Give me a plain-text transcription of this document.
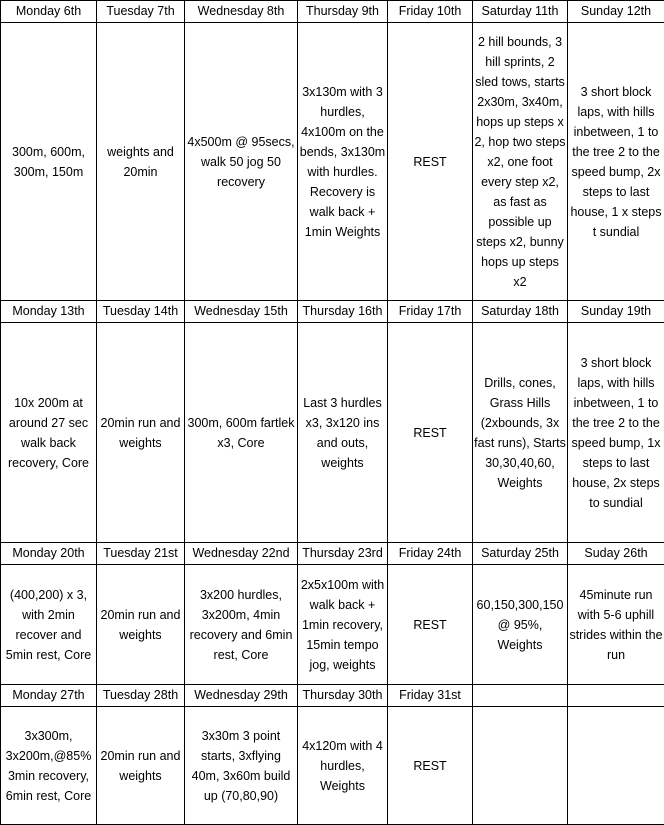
Monday 6th	Tuesday 7th	Wednesday 8th	Thursday 9th	Friday 10th	Saturday 11th	Sunday 12th
300m, 600m, 300m, 150m	weights and 20min	4x500m @ 95secs, walk 50 jog 50 recovery	3x130m with 3 hurdles, 4x100m on the bends, 3x130m with hurdles. Recovery is walk back + 1min Weights	REST	2 hill bounds, 3 hill sprints, 2 sled tows, starts 2x30m, 3x40m, hops up steps x 2, hop two steps x2, one foot every step x2, as fast as possible up steps x2, bunny hops up steps x2	3 short block laps, with hills inbetween, 1 to the tree 2 to the speed bump, 2x steps to last house, 1 x steps t sundial
Monday 13th	Tuesday 14th	Wednesday 15th	Thursday 16th	Friday 17th	Saturday 18th	Sunday 19th
10x 200m at around 27 sec walk back recovery, Core	20min run and weights	300m, 600m fartlek x3, Core	Last 3 hurdles x3, 3x120 ins and outs, weights	REST	Drills, cones, Grass Hills (2xbounds, 3x fast runs), Starts 30,30,40,60, Weights	3 short block laps, with hills inbetween, 1 to the tree 2 to the speed bump, 1x steps to last house, 2x steps to sundial
Monday 20th	Tuesday 21st	Wednesday 22nd	Thursday 23rd	Friday 24th	Saturday 25th	Suday 26th
(400,200) x 3, with 2min recover and 5min rest, Core	20min run and weights	3x200 hurdles, 3x200m, 4min recovery and 6min rest, Core	2x5x100m with walk back + 1min recovery, 15min tempo jog, weights	REST	60,150,300,150 @ 95%, Weights	45minute run with 5-6 uphill strides within the run
Monday 27th	Tuesday 28th	Wednesday 29th	Thursday 30th	Friday 31st		
3x300m, 3x200m,@85% 3min recovery, 6min rest, Core	20min run and weights	3x30m 3 point starts, 3xflying 40m, 3x60m build up (70,80,90)	4x120m with 4 hurdles, Weights	REST		
